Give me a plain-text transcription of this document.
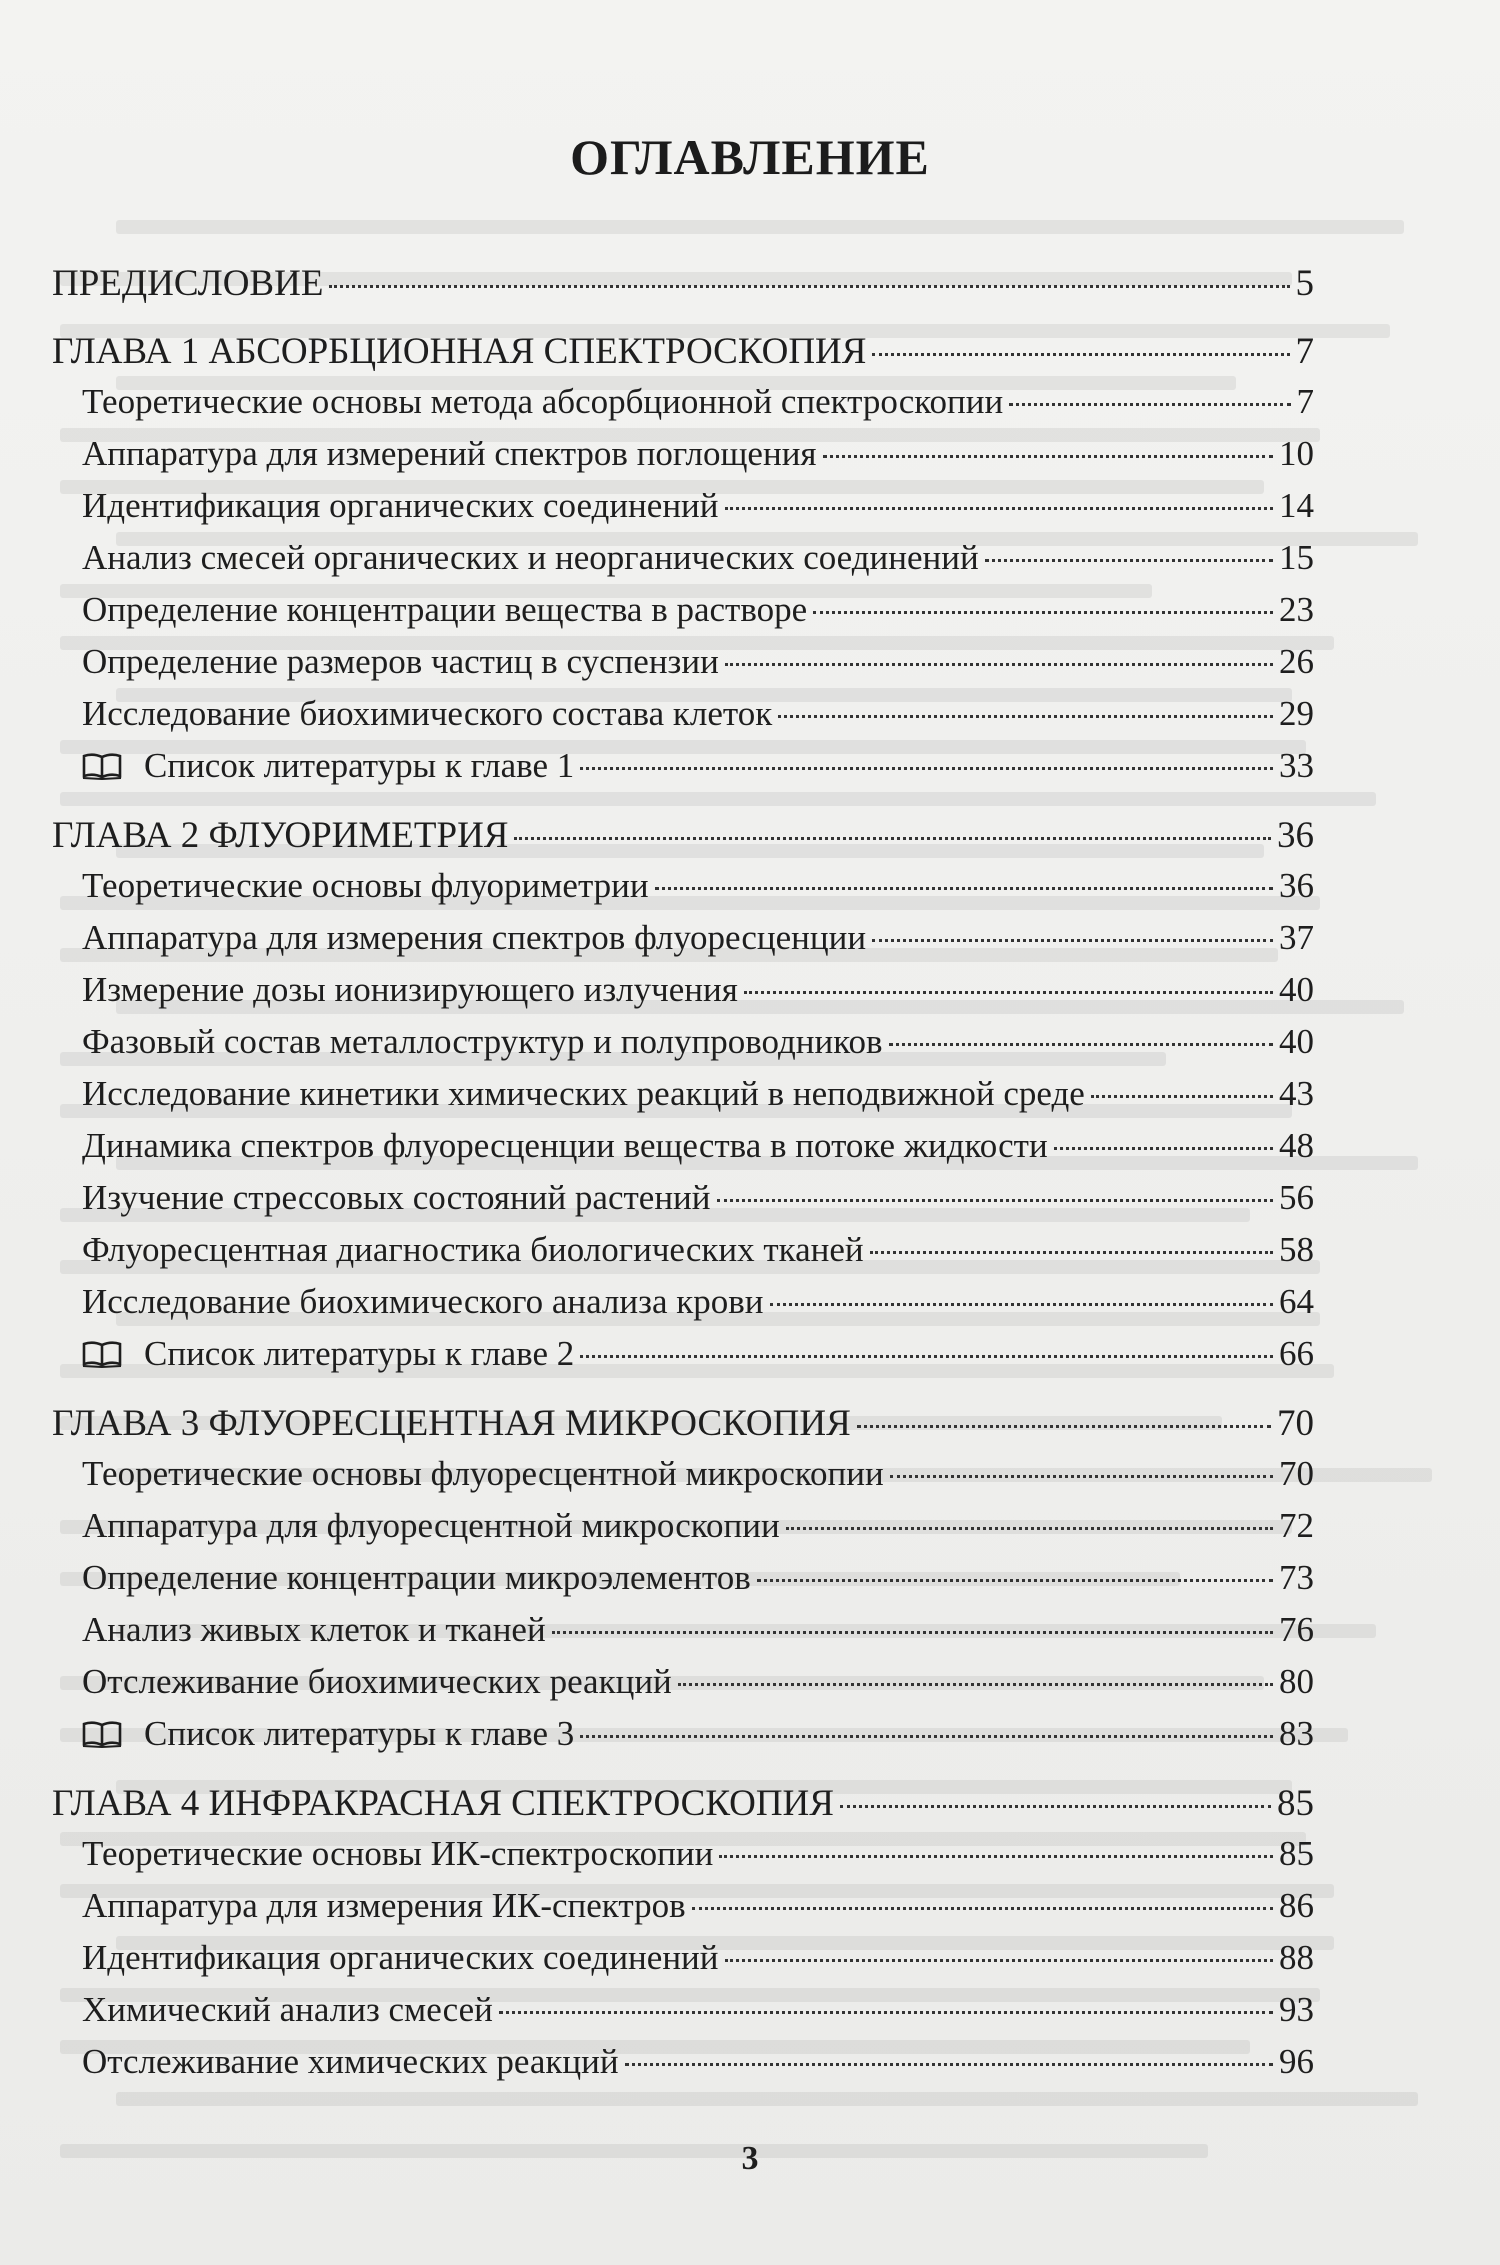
ОГЛАВЛЕНИЕ
ПРЕДИСЛОВИЕ	5
ГЛАВА 1 АБСОРБЦИОННАЯ СПЕКТРОСКОПИЯ	7
Теоретические основы метода абсорбционной спектроскопии	7
Аппаратура для измерений спектров поглощения	10
Идентификация органических соединений	14
Анализ смесей органических и неорганических соединений	15
Определение концентрации вещества в растворе	23
Определение размеров частиц в суспензии	26
Исследование биохимического состава клеток	29
Список литературы к главе 1	33
ГЛАВА 2 ФЛУОРИМЕТРИЯ	36
Теоретические основы флуориметрии	36
Аппаратура для измерения спектров флуоресценции	37
Измерение дозы ионизирующего излучения	40
Фазовый состав металлоструктур и полупроводников	40
Исследование кинетики химических реакций в неподвижной среде	43
Динамика спектров флуоресценции вещества в потоке жидкости	48
Изучение стрессовых состояний растений	56
Флуоресцентная диагностика биологических тканей	58
Исследование биохимического анализа крови	64
Список литературы к главе 2	66
ГЛАВА 3 ФЛУОРЕСЦЕНТНАЯ МИКРОСКОПИЯ	70
Теоретические основы флуоресцентной микроскопии	70
Аппаратура для флуоресцентной микроскопии	72
Определение концентрации микроэлементов	73
Анализ живых клеток и тканей	76
Отслеживание биохимических реакций	80
Список литературы к главе 3	83
ГЛАВА 4 ИНФРАКРАСНАЯ СПЕКТРОСКОПИЯ	85
Теоретические основы ИК-спектроскопии	85
Аппаратура для измерения ИК-спектров	86
Идентификация органических соединений	88
Химический анализ смесей	93
Отслеживание химических реакций	96
3
